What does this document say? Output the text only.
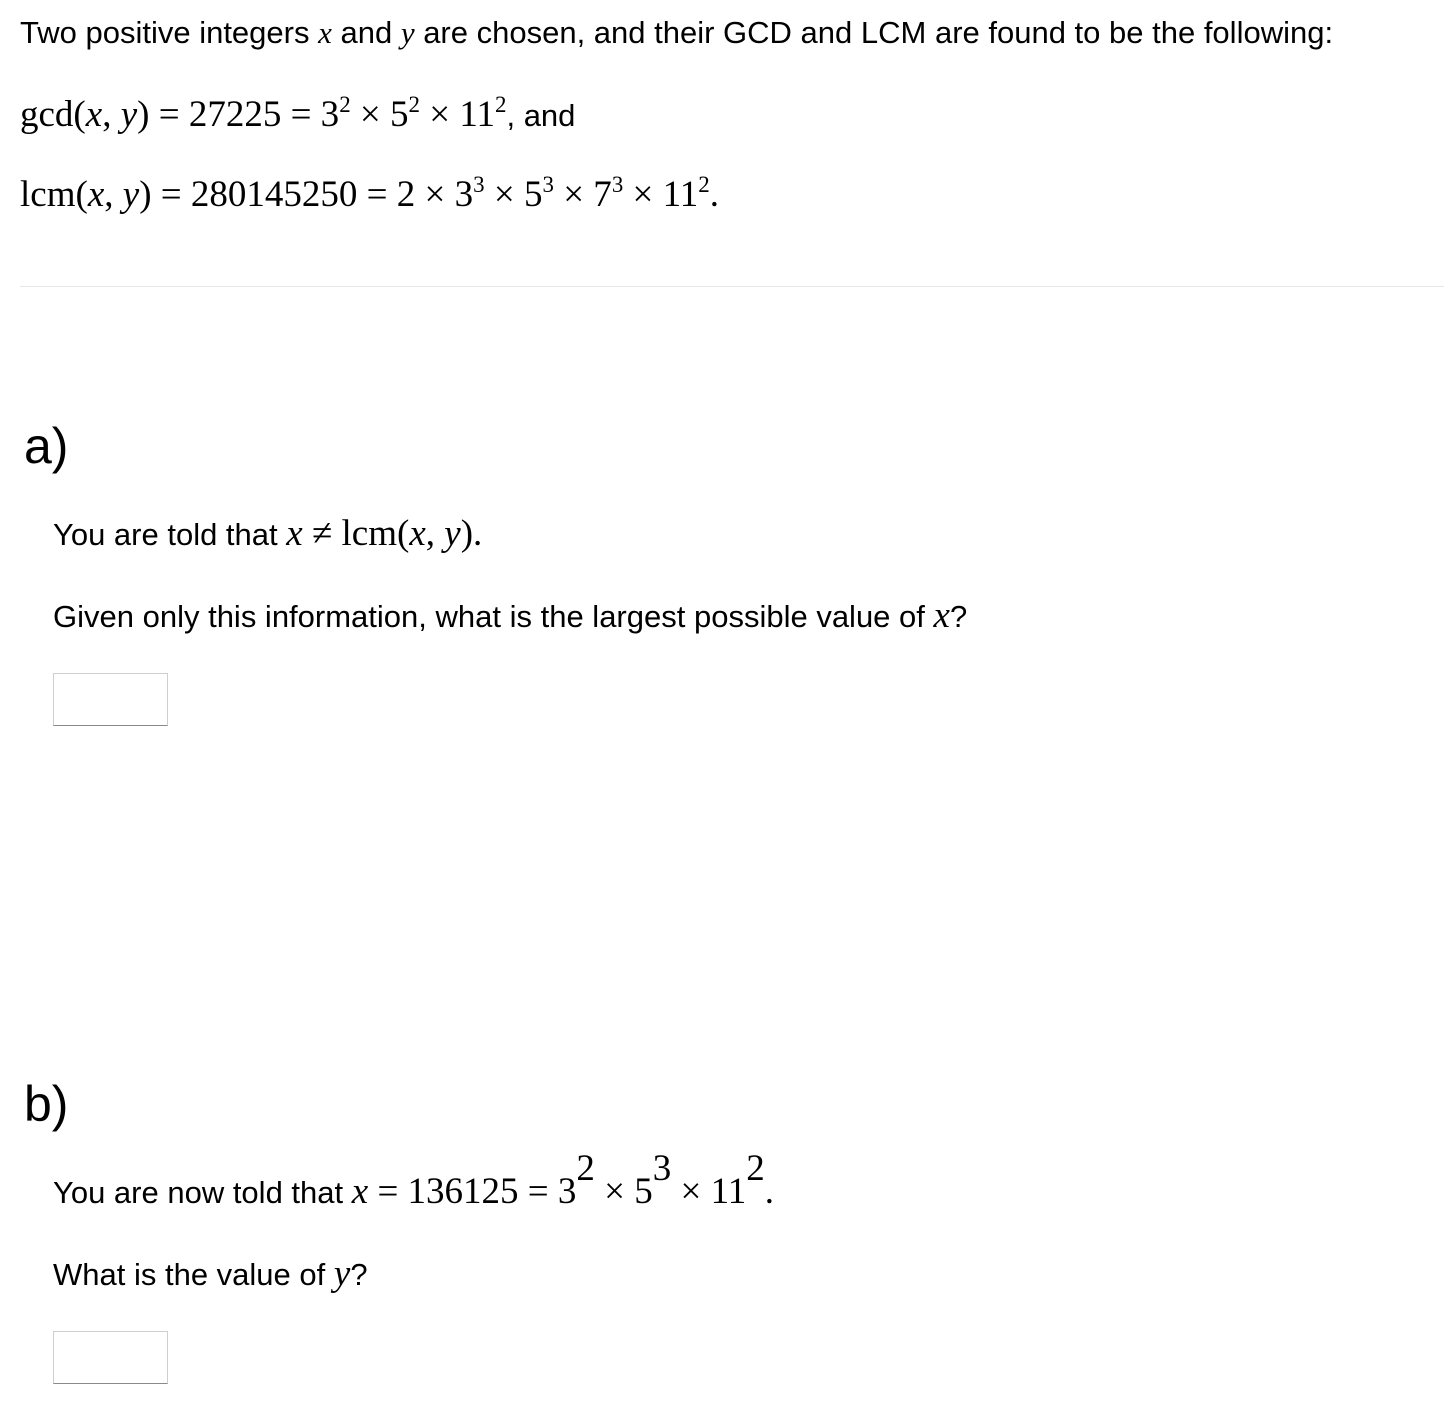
Two positive integers x and y are chosen, and their GCD and LCM are found to be the following:
gcd(x, $y) = 27225 = 3^2 \times 5^2 \times 11^2$, and
lcm(x, $y) = 280145250 = 2 \times 3^3 \times 5^3 \times 7^3 \times 11^2$.
a)
You are told that x ≠ lcm(x, y).
Given only this information, what is the largest possible value of x?
b)
You are now told that $x = 136125 = 3^2 \times 5^3 \times 11^2$.
What is the value of y?
